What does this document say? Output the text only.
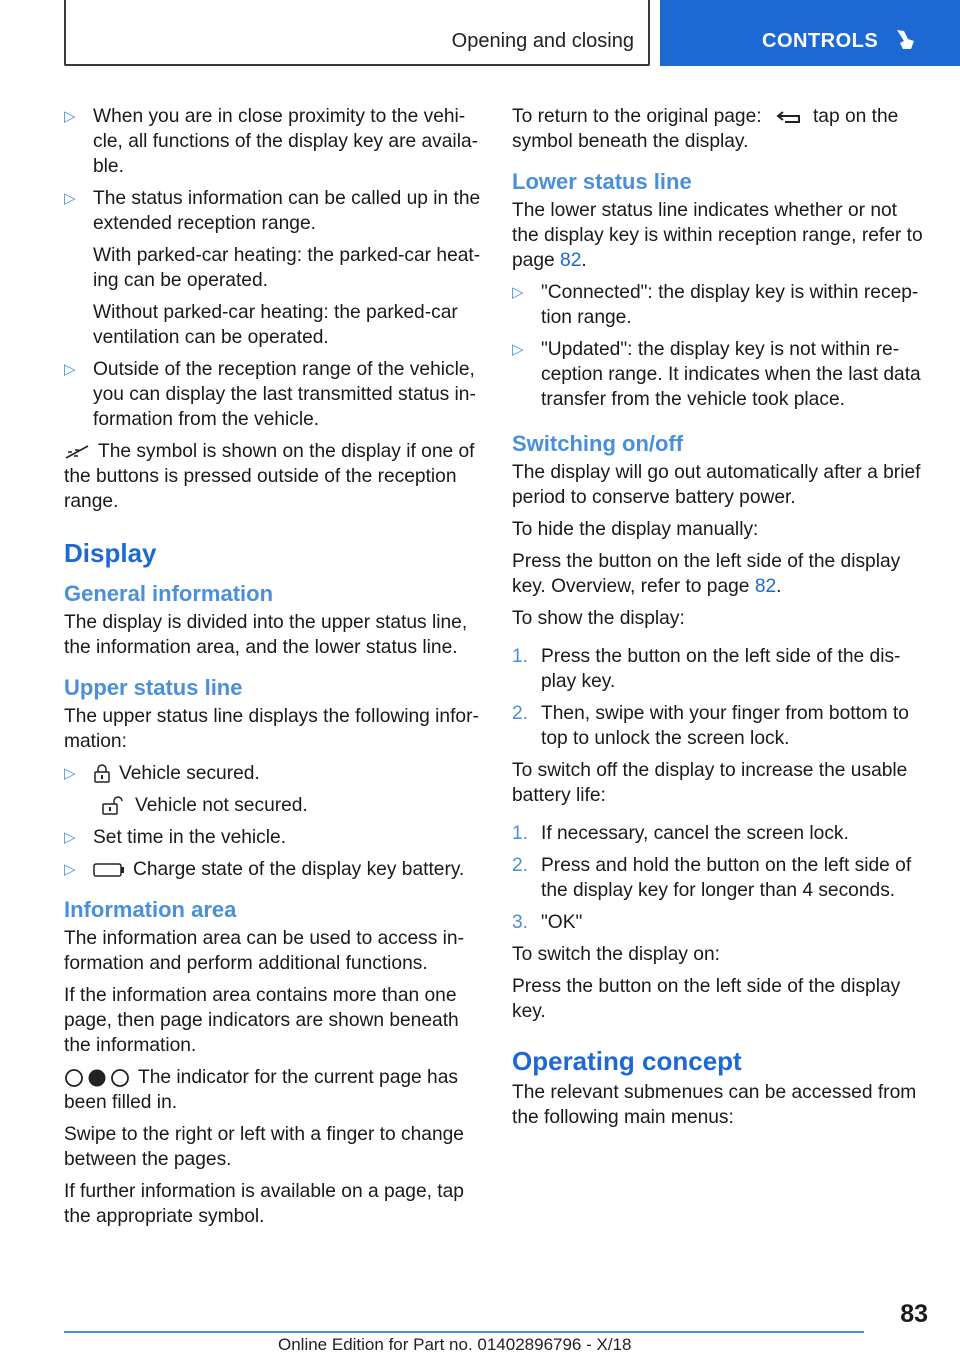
Opening and closing	CONTROLS
▷ When you are in close proximity to the vehi‐ cle, all functions of the display key are availa‐ ble.
▷ The status information can be called up in the extended reception range.
With parked-car heating: the parked-car heat‐ ing can be operated.
Without parked-car heating: the parked-car ventilation can be operated.
▷ Outside of the reception range of the vehicle, you can display the last transmitted status in‐ formation from the vehicle.

The symbol is shown on the display if one of the buttons is pressed outside of the reception range.

Display
General information

The display is divided into the upper status line, the information area, and the lower status line.

Upper status line

The upper status line displays the following infor‐ mation:

▷	Vehicle secured.
Vehicle not secured.
▷ Set time in the vehicle.
▷	Charge state of the display key battery.
Information area

The information area can be used to access in‐ formation and perform additional functions.

If the information area contains more than one page, then page indicators are shown beneath the information.

The indicator for the current page has been filled in.

Swipe to the right or left with a finger to change between the pages.

If further information is available on a page, tap the appropriate symbol.

To return to the original page:	tap on the symbol beneath the display.

Lower status line

The lower status line indicates whether or not the display key is within reception range, refer to page 82.

▷ "Connected": the display key is within recep‐ tion range.
▷ "Updated": the display key is not within re‐ ception range. It indicates when the last data transfer from the vehicle took place.
Switching on/off

The display will go out automatically after a brief period to conserve battery power.

To hide the display manually:

Press the button on the left side of the display key. Overview, refer to page 82.

To show the display:

1. Press the button on the left side of the dis‐ play key.
2. Then, swipe with your finger from bottom to top to unlock the screen lock.

To switch off the display to increase the usable battery life:

1. If necessary, cancel the screen lock.
2. Press and hold the button on the left side of the display key for longer than 4 seconds.
3. "OK"

To switch the display on:

Press the button on the left side of the display key.

Operating concept

The relevant submenues can be accessed from the following main menus:

83
Online Edition for Part no. 01402896796 - X/18
